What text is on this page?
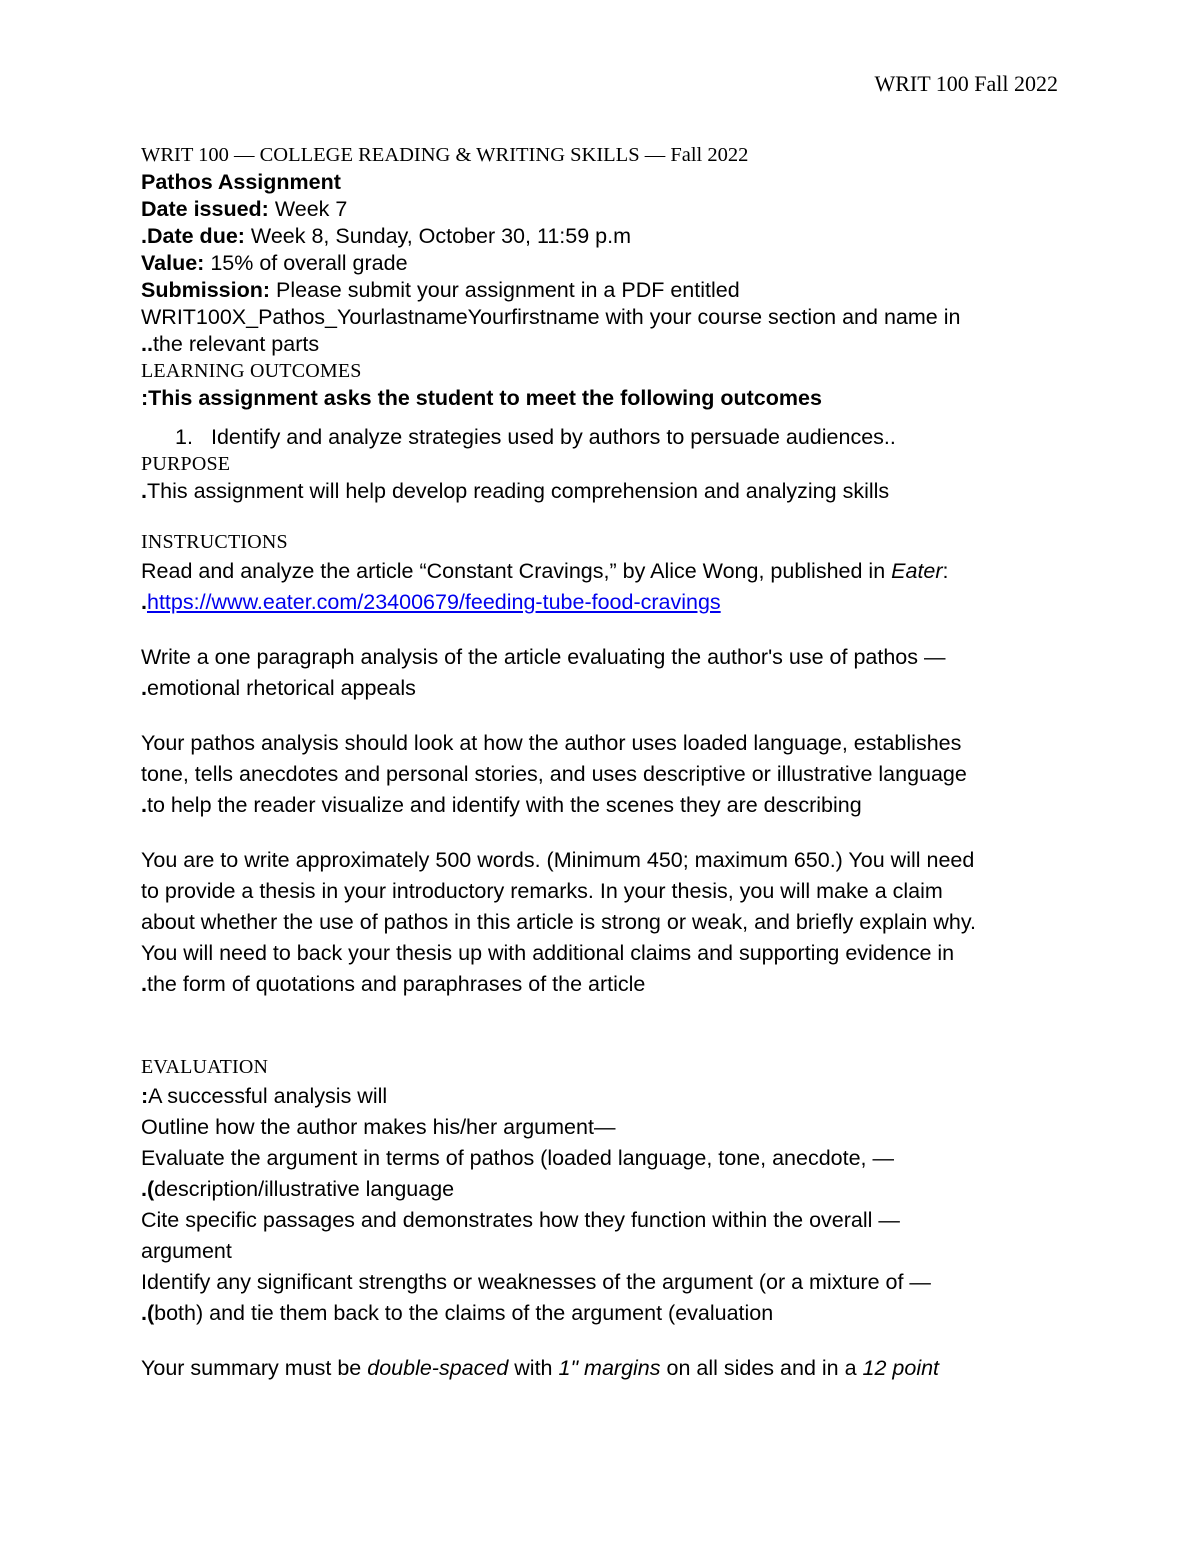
WRIT 100 Fall 2022
WRIT 100 — COLLEGE READING & WRITING SKILLS — Fall 2022
Pathos Assignment
Date issued: Week 7
.Date due: Week 8, Sunday, October 30, 11:59 p.m
Value: 15% of overall grade
Submission: Please submit your assignment in a PDF entitled
WRIT100X_Pathos_YourlastnameYourfirstname with your course section and name in
..the relevant parts
LEARNING OUTCOMES
:This assignment asks the student to meet the following outcomes
1. Identify and analyze strategies used by authors to persuade audiences..
PURPOSE
.This assignment will help develop reading comprehension and analyzing skills
INSTRUCTIONS
Read and analyze the article “Constant Cravings,” by Alice Wong, published in Eater:
.https://www.eater.com/23400679/feeding-tube-food-cravings
Write a one paragraph analysis of the article evaluating the author's use of pathos —
.emotional rhetorical appeals
Your pathos analysis should look at how the author uses loaded language, establishes
tone, tells anecdotes and personal stories, and uses descriptive or illustrative language
.to help the reader visualize and identify with the scenes they are describing
You are to write approximately 500 words. (Minimum 450; maximum 650.) You will need
to provide a thesis in your introductory remarks. In your thesis, you will make a claim
about whether the use of pathos in this article is strong or weak, and briefly explain why.
You will need to back your thesis up with additional claims and supporting evidence in
.the form of quotations and paraphrases of the article
EVALUATION
:A successful analysis will
Outline how the author makes his/her argument—
Evaluate the argument in terms of pathos (loaded language, tone, anecdote, —
.(description/illustrative language
Cite specific passages and demonstrates how they function within the overall —
argument
Identify any significant strengths or weaknesses of the argument (or a mixture of —
.(both) and tie them back to the claims of the argument (evaluation
Your summary must be double-spaced with 1" margins on all sides and in a 12 point
